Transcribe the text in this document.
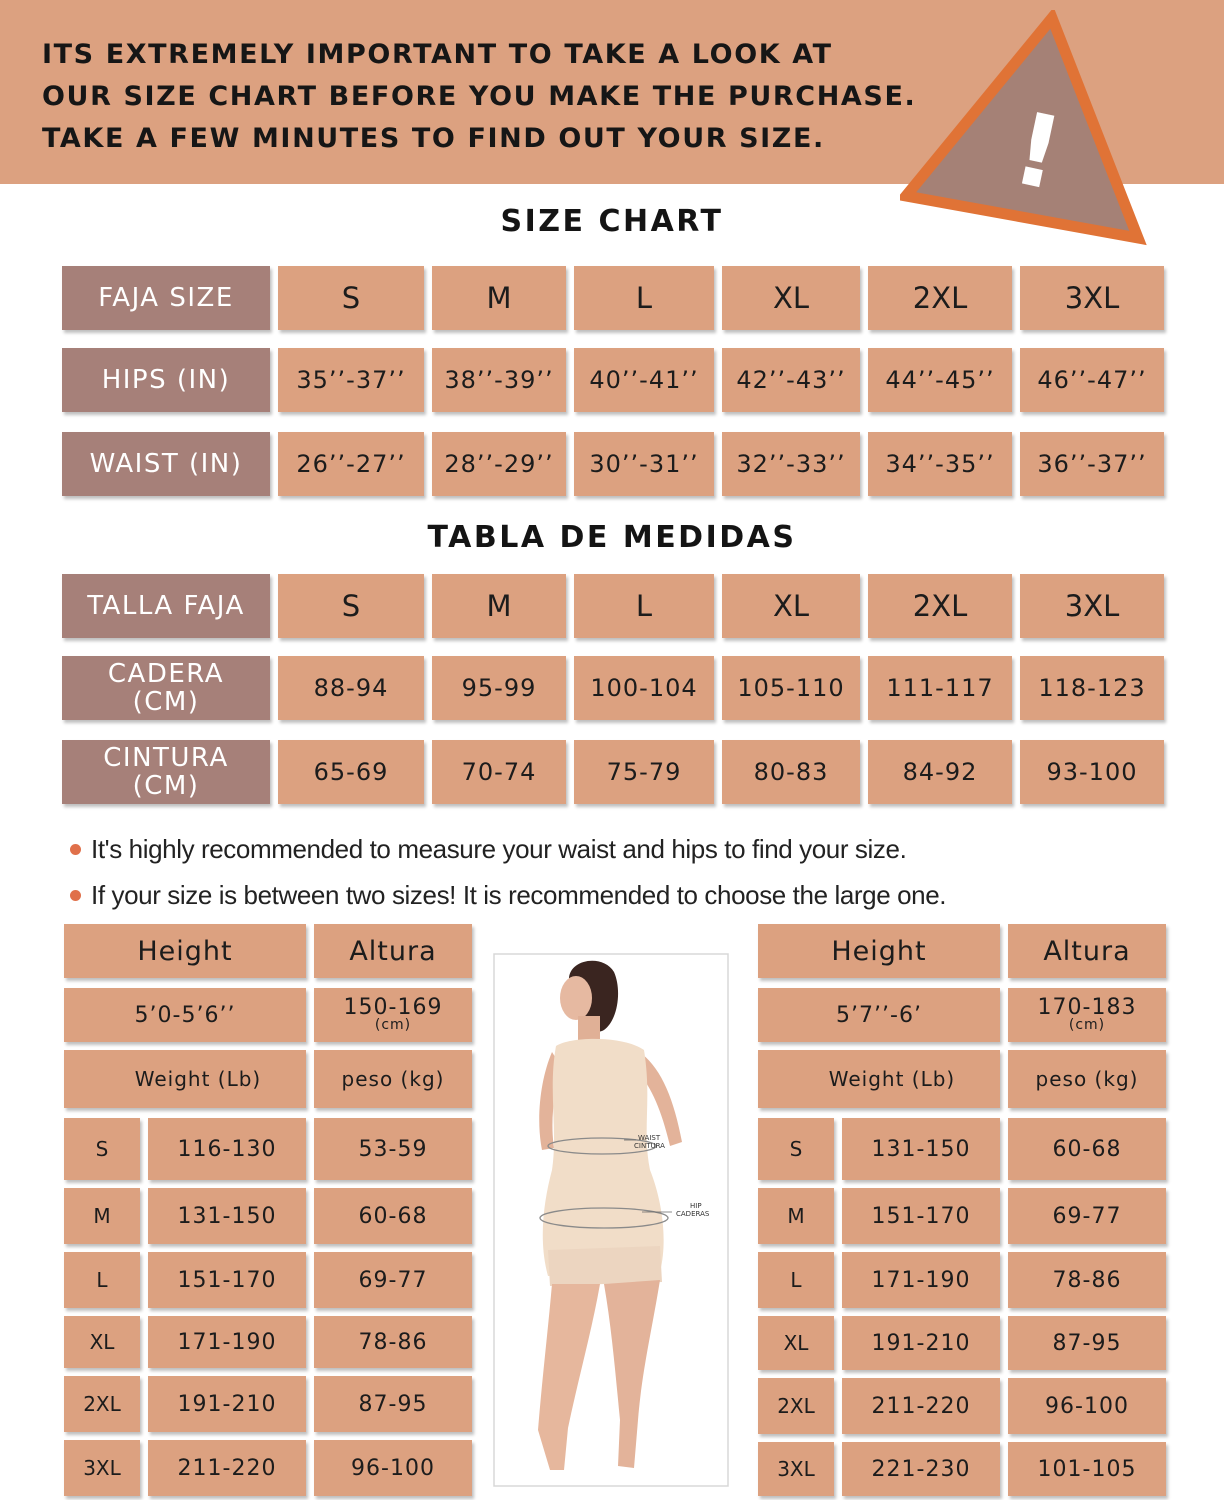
ITS EXTREMELY IMPORTANT TO TAKE A LOOK AT
OUR SIZE CHART BEFORE YOU MAKE THE PURCHASE.
TAKE A FEW MINUTES TO FIND OUT YOUR SIZE.	!
SIZE CHART
FAJA SIZE	S	M	L	XL	2XL	3XL
HIPS (IN)	35’’-37’’	38’’-39’’	40’’-41’’	42’’-43’’	44’’-45’’	46’’-47’’
WAIST (IN)	26’’-27’’	28’’-29’’	30’’-31’’	32’’-33’’	34’’-35’’	36’’-37’’
TABLA DE MEDIDAS
TALLA FAJA	S	M	L	XL	2XL	3XL
CADERA
(CM)	88-94	95-99	100-104	105-110	111-117	118-123
CINTURA
(CM)	65-69	70-74	75-79	80-83	84-92	93-100
It's highly recommended to measure your waist and hips to find your size.
If your size is between two sizes! It is recommended to choose the large one.
Height	Altura
5’0-5’6’’	150-169
(cm)
Weight (Lb)	peso (kg)
S	116-130	53-59
M	131-150	60-68
L	151-170	69-77
XL	171-190	78-86
2XL	191-210	87-95
3XL	211-220	96-100
WAIST
CINTURA
HIP
CADERAS
Height	Altura
5’7’’-6’	170-183
(cm)
Weight (Lb)	peso (kg)
S	131-150	60-68
M	151-170	69-77
L	171-190	78-86
XL	191-210	87-95
2XL	211-220	96-100
3XL	221-230	101-105
